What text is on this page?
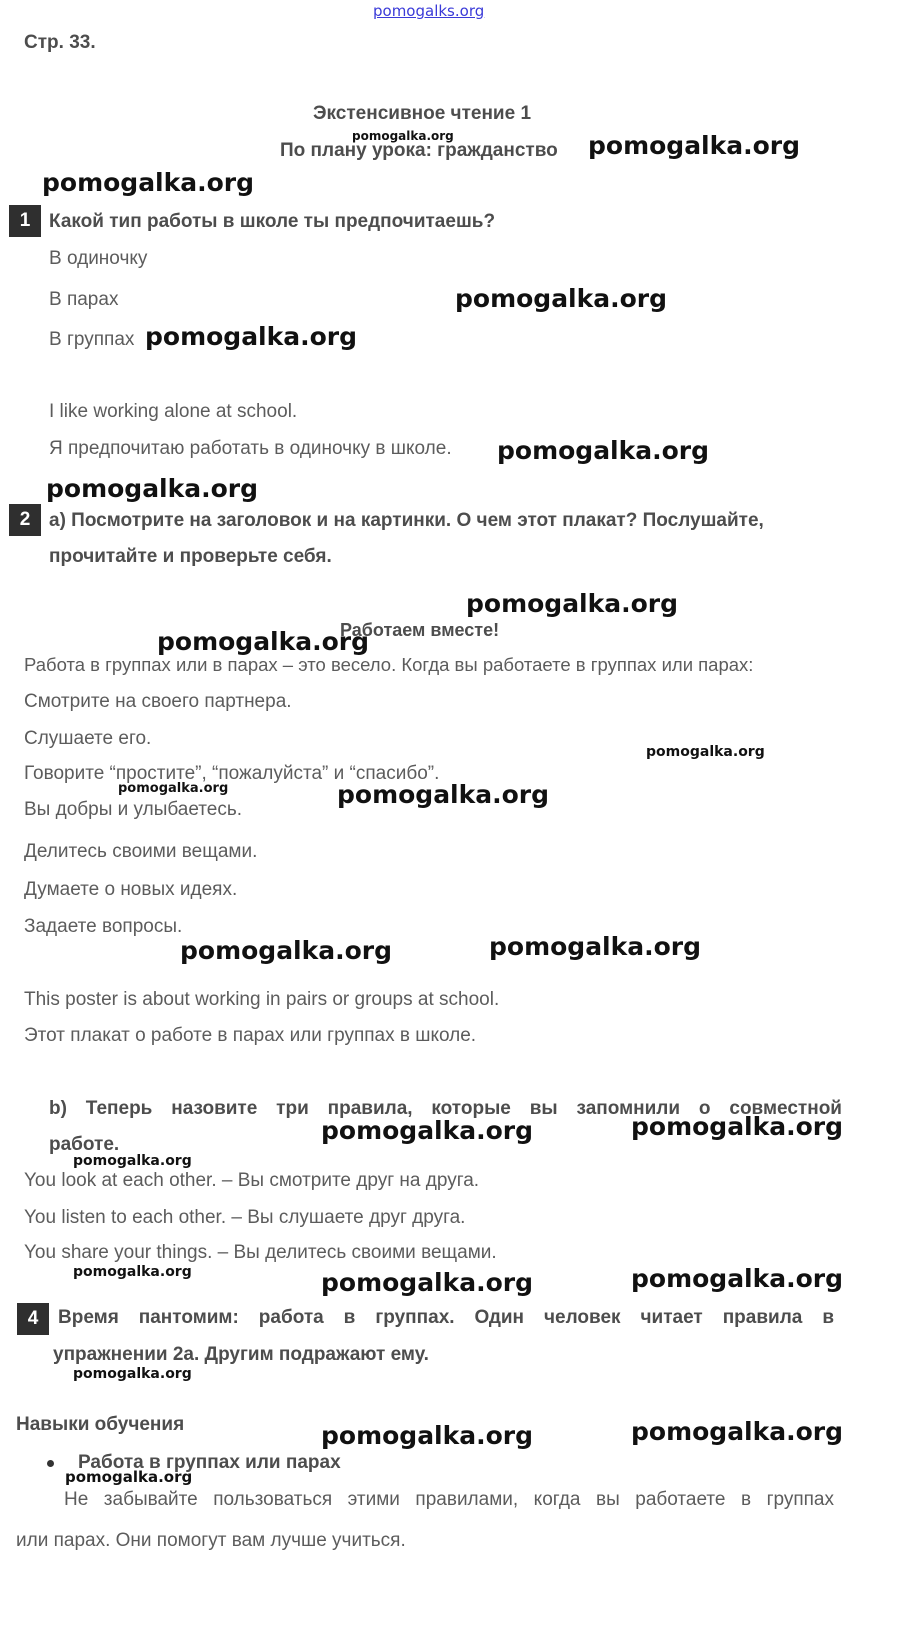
pomogalks.org
Стр. 33.
Экстенсивное чтение 1
По плану урока: гражданство
1 Какой тип работы в школе ты предпочитаешь?
В одиночку
В парах
В группах
I like working alone at school.
Я предпочитаю работать в одиночку в школе.
2 a) Посмотрите на заголовок и на картинки. О чем этот плакат? Послушайте,
прочитайте и проверьте себя.
Работаем вместе!
Работа в группах или в парах – это весело. Когда вы работаете в группах или парах:
Смотрите на своего партнера.
Слушаете его.
Говорите “простите”, “пожалуйста” и “спасибо”.
Вы добры и улыбаетесь.
Делитесь своими вещами.
Думаете о новых идеях.
Задаете вопросы.
This poster is about working in pairs or groups at school.
Этот плакат о работе в парах или группах в школе.
b) Теперь назовите три правила, которые вы запомнили о совместной
работе.
You look at each other. – Вы смотрите друг на друга.
You listen to each other. – Вы слушаете друг друга.
You share your things. – Вы делитесь своими вещами.
4	Время пантомим: работа в группах. Один человек читает правила в
упражнении 2а. Другим подражают ему.
Навыки обучения
Работа в группах или парах
Не забывайте пользоваться этими правилами, когда вы работаете в группах
или парах. Они помогут вам лучше учиться.
pomogalka.org	pomogalka.org
pomogalka.org
pomogalka.org
pomogalka.org
pomogalka.org
pomogalka.org
pomogalka.org
pomogalka.org
pomogalka.org
pomogalka.org	pomogalka.org
pomogalka.org	pomogalka.org
pomogalka.org	pomogalka.org
pomogalka.org
pomogalka.org	pomogalka.org	pomogalka.org
pomogalka.org
pomogalka.org	pomogalka.org
pomogalka.org
